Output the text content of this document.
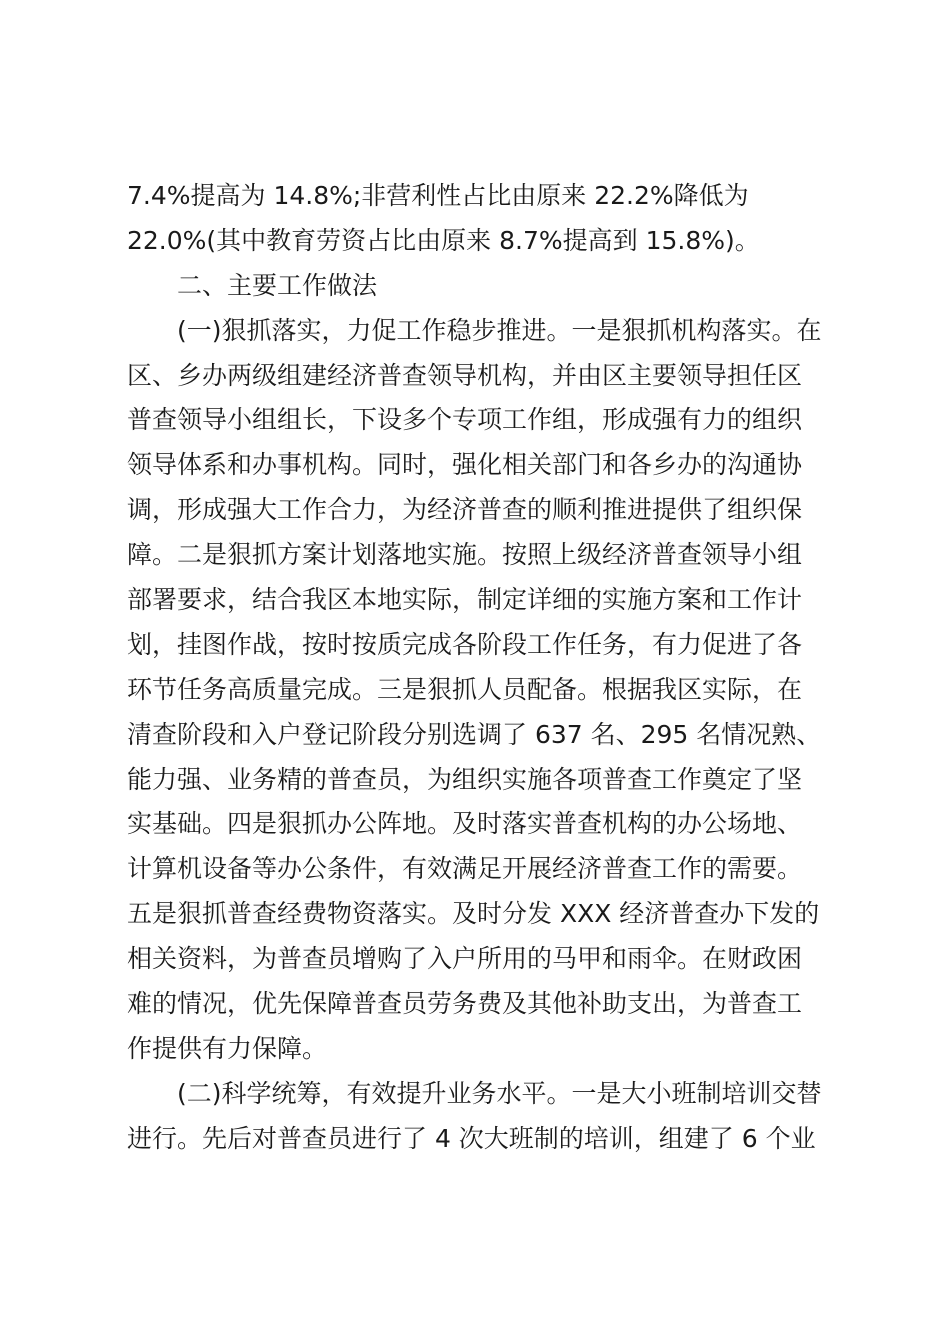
7.4%提高为 14.8%;非营利性占比由原来 22.2%降低为
22.0%(其中教育劳资占比由原来 8.7%提高到 15.8%)。
二、主要工作做法
(一)狠抓落实，力促工作稳步推进。一是狠抓机构落实。在
区、乡办两级组建经济普查领导机构，并由区主要领导担任区
普查领导小组组长，下设多个专项工作组，形成强有力的组织
领导体系和办事机构。同时，强化相关部门和各乡办的沟通协
调，形成强大工作合力，为经济普查的顺利推进提供了组织保
障。二是狠抓方案计划落地实施。按照上级经济普查领导小组
部署要求，结合我区本地实际，制定详细的实施方案和工作计
划，挂图作战，按时按质完成各阶段工作任务，有力促进了各
环节任务高质量完成。三是狠抓人员配备。根据我区实际，在
清查阶段和入户登记阶段分别选调了 637 名、295 名情况熟、
能力强、业务精的普查员，为组织实施各项普查工作奠定了坚
实基础。四是狠抓办公阵地。及时落实普查机构的办公场地、
计算机设备等办公条件，有效满足开展经济普查工作的需要。
五是狠抓普查经费物资落实。及时分发 XXX 经济普查办下发的
相关资料，为普查员增购了入户所用的马甲和雨伞。在财政困
难的情况，优先保障普查员劳务费及其他补助支出，为普查工
作提供有力保障。
(二)科学统筹，有效提升业务水平。一是大小班制培训交替
进行。先后对普查员进行了 4 次大班制的培训，组建了 6 个业
